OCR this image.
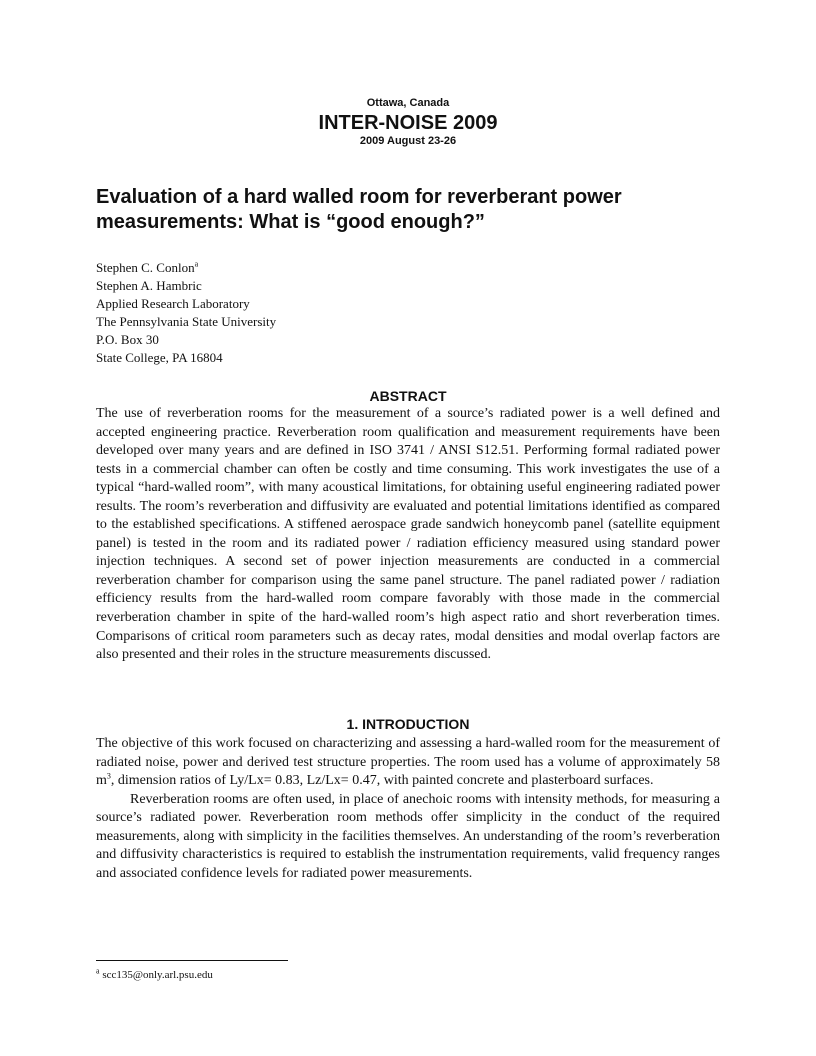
Ottawa, Canada
INTER-NOISE 2009
2009 August 23-26
Evaluation of a hard walled room for reverberant power measurements: What is “good enough?”
Stephen C. Conlon$^a$
Stephen A. Hambric
Applied Research Laboratory
The Pennsylvania State University
P.O. Box 30
State College, PA 16804
ABSTRACT

The use of reverberation rooms for the measurement of a source’s radiated power is a well defined and accepted engineering practice. Reverberation room qualification and measurement requirements have been developed over many years and are defined in ISO 3741 / ANSI S12.51. Performing formal radiated power tests in a commercial chamber can often be costly and time consuming. This work investigates the use of a typical “hard-walled room”, with many acoustical limitations, for obtaining useful engineering radiated power results. The room’s reverberation and diffusivity are evaluated and potential limitations identified as compared to the established specifications. A stiffened aerospace grade sandwich honeycomb panel (satellite equipment panel) is tested in the room and its radiated power / radiation efficiency measured using standard power injection techniques. A second set of power injection measurements are conducted in a commercial reverberation chamber for comparison using the same panel structure. The panel radiated power / radiation efficiency results from the hard-walled room compare favorably with those made in the commercial reverberation chamber in spite of the hard-walled room’s high aspect ratio and short reverberation times. Comparisons of critical room parameters such as decay rates, modal densities and modal overlap factors are also presented and their roles in the structure measurements discussed.

1. INTRODUCTION

The objective of this work focused on characterizing and assessing a hard-walled room for the measurement of radiated noise, power and derived test structure properties. The room used has a volume of approximately 58 $m^3$, dimension ratios of Ly/Lx= 0.83, Lz/Lx= 0.47, with painted concrete and plasterboard surfaces.

Reverberation rooms are often used, in place of anechoic rooms with intensity methods, for measuring a source’s radiated power. Reverberation room methods offer simplicity in the conduct of the required measurements, along with simplicity in the facilities themselves. An understanding of the room’s reverberation and diffusivity characteristics is required to establish the instrumentation requirements, valid frequency ranges and associated confidence levels for radiated power measurements.

$^a$ scc135@only.arl.psu.edu
